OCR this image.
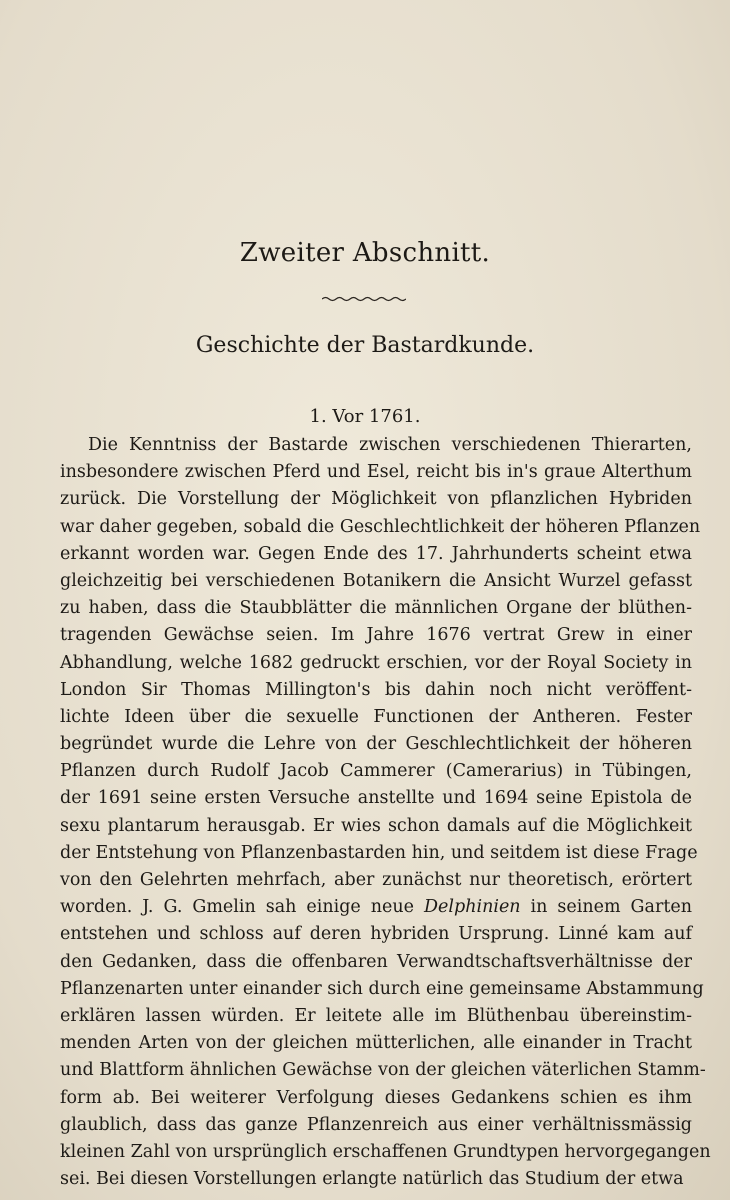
Zweiter Abschnitt.
Geschichte der Bastardkunde.
1. Vor 1761.
Die Kenntniss der Bastarde zwischen verschiedenen Thierarten,
insbesondere zwischen Pferd und Esel, reicht bis in's graue Alterthum
zurück. Die Vorstellung der Möglichkeit von pflanzlichen Hybriden
war daher gegeben, sobald die Geschlechtlichkeit der höheren Pflanzen
erkannt worden war. Gegen Ende des 17. Jahrhunderts scheint etwa
gleichzeitig bei verschiedenen Botanikern die Ansicht Wurzel gefasst
zu haben, dass die Staubblätter die männlichen Organe der blüthen-
tragenden Gewächse seien. Im Jahre 1676 vertrat Grew in einer
Abhandlung, welche 1682 gedruckt erschien, vor der Royal Society in
London Sir Thomas Millington's bis dahin noch nicht veröffent-
lichte Ideen über die sexuelle Functionen der Antheren. Fester
begründet wurde die Lehre von der Geschlechtlichkeit der höheren
Pflanzen durch Rudolf Jacob Cammerer (Camerarius) in Tübingen,
der 1691 seine ersten Versuche anstellte und 1694 seine Epistola de
sexu plantarum herausgab. Er wies schon damals auf die Möglichkeit
der Entstehung von Pflanzenbastarden hin, und seitdem ist diese Frage
von den Gelehrten mehrfach, aber zunächst nur theoretisch, erörtert
worden. J. G. Gmelin sah einige neue Delphinien in seinem Garten
entstehen und schloss auf deren hybriden Ursprung. Linné kam auf
den Gedanken, dass die offenbaren Verwandtschaftsverhältnisse der
Pflanzenarten unter einander sich durch eine gemeinsame Abstammung
erklären lassen würden. Er leitete alle im Blüthenbau übereinstim-
menden Arten von der gleichen mütterlichen, alle einander in Tracht
und Blattform ähnlichen Gewächse von der gleichen väterlichen Stamm-
form ab. Bei weiterer Verfolgung dieses Gedankens schien es ihm
glaublich, dass das ganze Pflanzenreich aus einer verhältnissmässig
kleinen Zahl von ursprünglich erschaffenen Grundtypen hervorgegangen
sei. Bei diesen Vorstellungen erlangte natürlich das Studium der etwa
